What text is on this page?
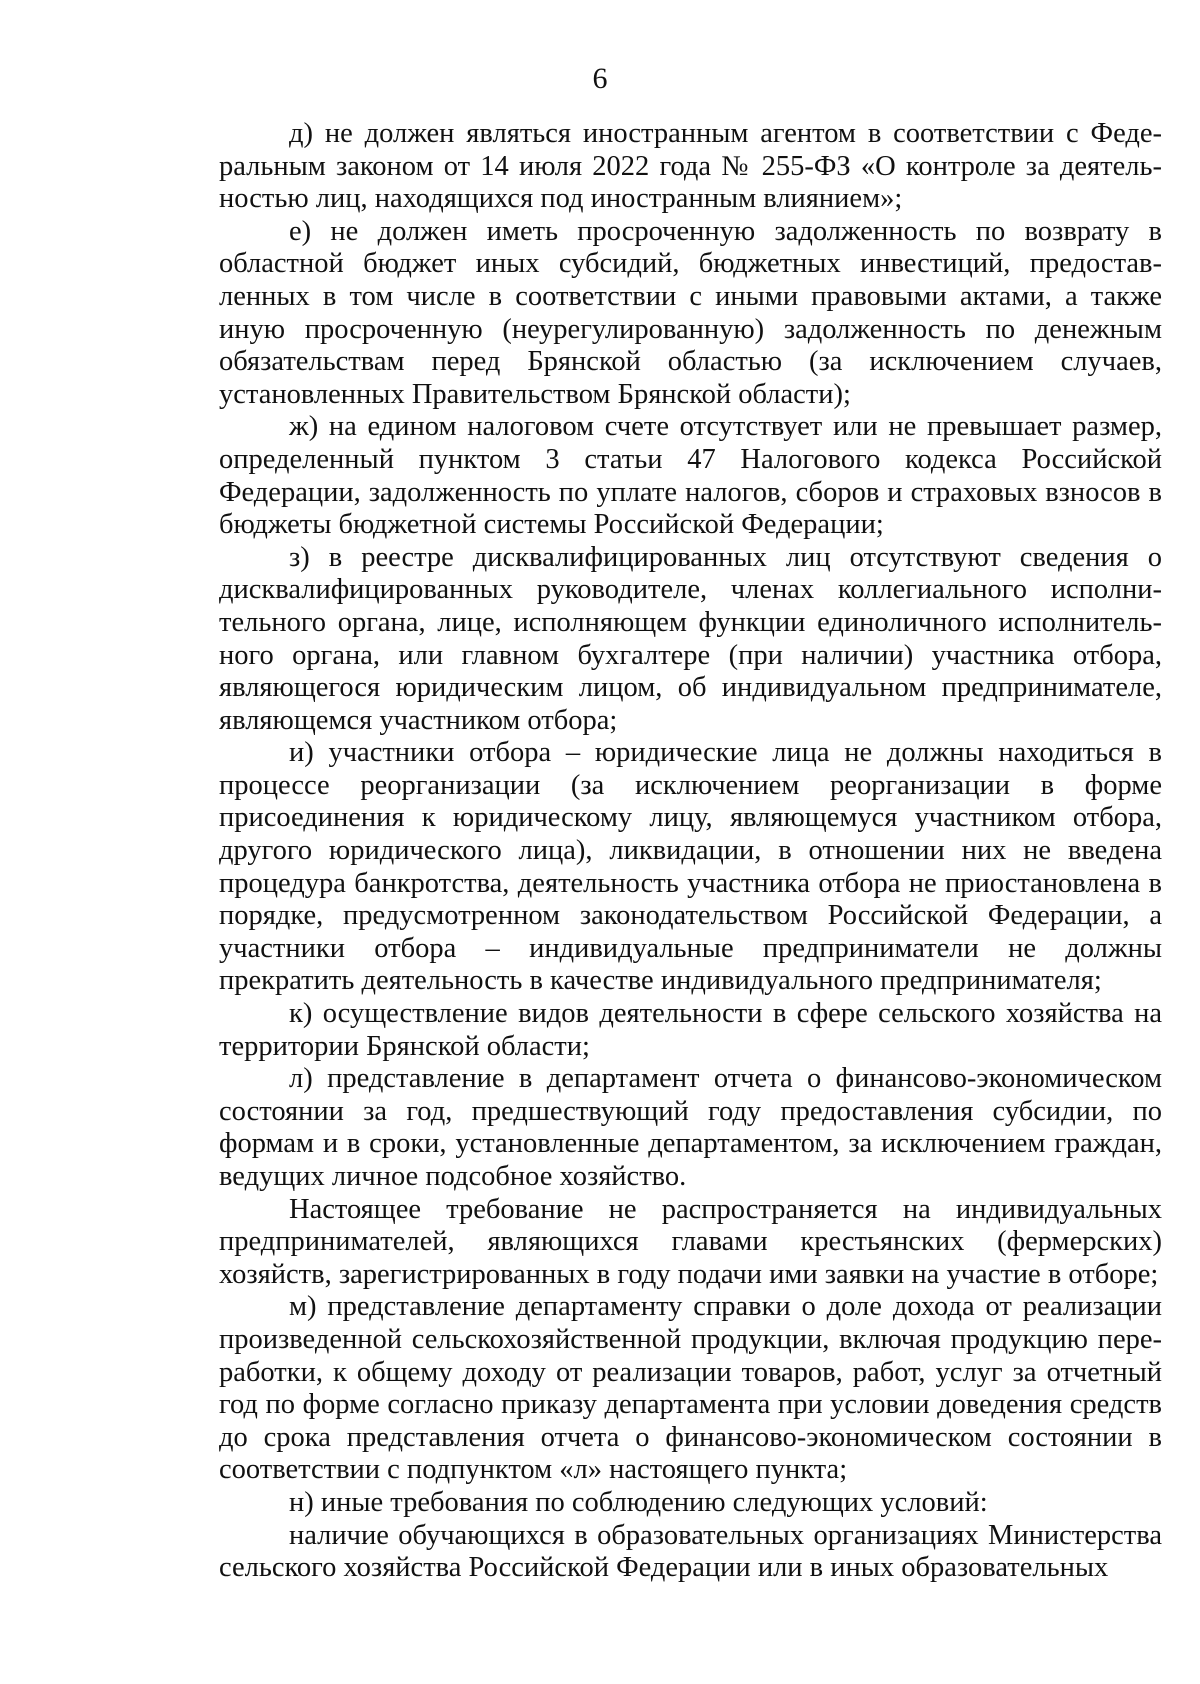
6

д) не должен являться иностранным агентом в соответствии с Федеральным законом от 14 июля 2022 года № 255-ФЗ «О контроле за деятельностью лиц, находящихся под иностранным влиянием»;

е) не должен иметь просроченную задолженность по возврату в областной бюджет иных субсидий, бюджетных инвестиций, предоставленных в том числе в соответствии с иными правовыми актами, а также иную просроченную (неурегулированную) задолженность по денежным обязательствам перед Брянской областью (за исключением случаев, установленных Правительством Брянской области);

ж) на едином налоговом счете отсутствует или не превышает размер, определенный пунктом 3 статьи 47 Налогового кодекса Российской Федерации, задолженность по уплате налогов, сборов и страховых взносов в бюджеты бюджетной системы Российской Федерации;

з) в реестре дисквалифицированных лиц отсутствуют сведения о дисквалифицированных руководителе, членах коллегиального исполнительного органа, лице, исполняющем функции единоличного исполнительного органа, или главном бухгалтере (при наличии) участника отбора, являющегося юридическим лицом, об индивидуальном предпринимателе, являющемся участником отбора;

и) участники отбора – юридические лица не должны находиться в процессе реорганизации (за исключением реорганизации в форме присоединения к юридическому лицу, являющемуся участником отбора, другого юридического лица), ликвидации, в отношении них не введена процедура банкротства, деятельность участника отбора не приостановлена в порядке, предусмотренном законодательством Российской Федерации, а участники отбора – индивидуальные предприниматели не должны прекратить деятельность в качестве индивидуального предпринимателя;

к) осуществление видов деятельности в сфере сельского хозяйства на территории Брянской области;

л) представление в департамент отчета о финансово-экономическом состоянии за год, предшествующий году предоставления субсидии, по формам и в сроки, установленные департаментом, за исключением граждан, ведущих личное подсобное хозяйство.

Настоящее требование не распространяется на индивидуальных предпринимателей, являющихся главами крестьянских (фермерских) хозяйств, зарегистрированных в году подачи ими заявки на участие в отборе;

м) представление департаменту справки о доле дохода от реализации произведенной сельскохозяйственной продукции, включая продукцию переработки, к общему доходу от реализации товаров, работ, услуг за отчетный год по форме согласно приказу департамента при условии доведения средств до срока представления отчета о финансово-экономическом состоянии в соответствии с подпунктом «л» настоящего пункта;

н) иные требования по соблюдению следующих условий:

наличие обучающихся в образовательных организациях Министерства сельского хозяйства Российской Федерации или в иных образовательных
